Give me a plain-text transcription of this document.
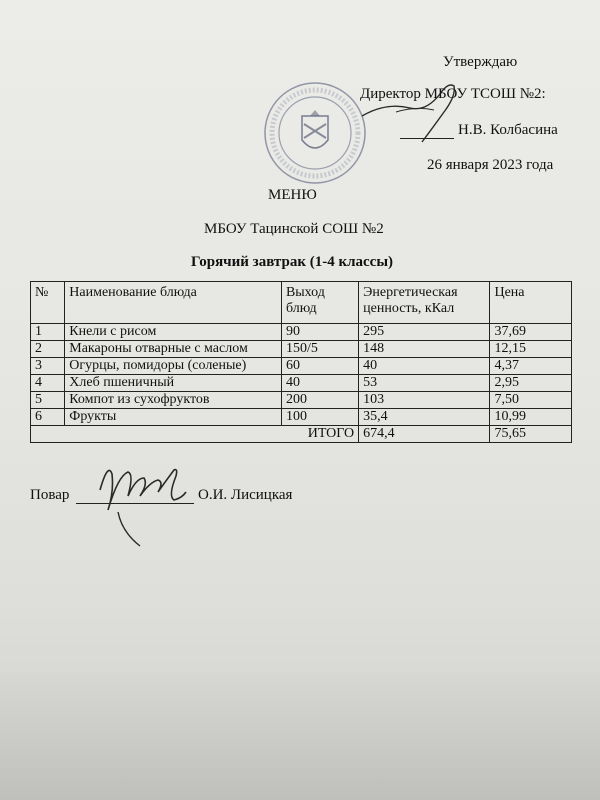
Утверждаю
Директор МБОУ ТСОШ №2:
Н.В. Колбасина
26 января 2023 года
МЕНЮ
МБОУ Тацинской СОШ №2
Горячий завтрак (1-4 классы)
№	Наименование блюда	Выход блюд	Энергетическая ценность, кКал	Цена
1	Кнели с рисом	90	295	37,69
2	Макароны отварные с маслом	150/5	148	12,15
3	Огурцы, помидоры (соленые)	60	40	4,37
4	Хлеб пшеничный	40	53	2,95
5	Компот из сухофруктов	200	103	7,50
6	Фрукты	100	35,4	10,99
ИТОГО			674,4	75,65
Повар	О.И. Лисицкая
